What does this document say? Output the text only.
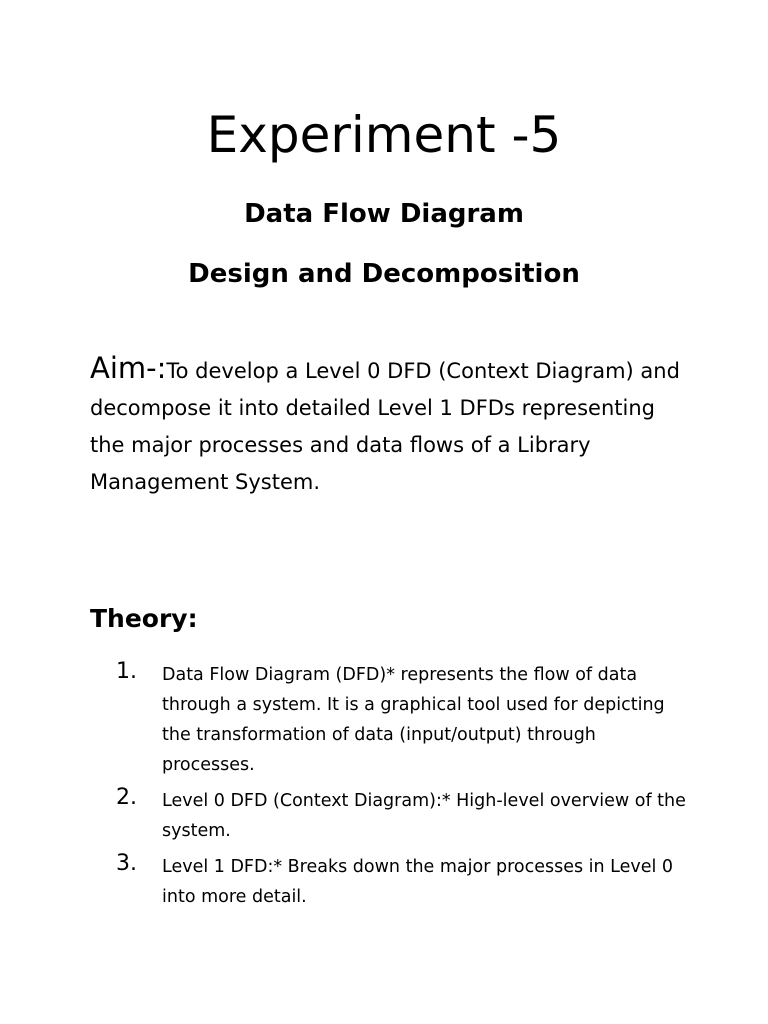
Experiment -5
Data Flow Diagram
Design and Decomposition
Aim-:To develop a Level 0 DFD (Context Diagram) and decompose it into detailed Level 1 DFDs representing the major processes and data flows of a Library Management System.
Theory:
1. Data Flow Diagram (DFD)* represents the flow of data through a system. It is a graphical tool used for depicting the transformation of data (input/output) through processes.
2. Level 0 DFD (Context Diagram):* High-level overview of the system.
3. Level 1 DFD:* Breaks down the major processes in Level 0 into more detail.
